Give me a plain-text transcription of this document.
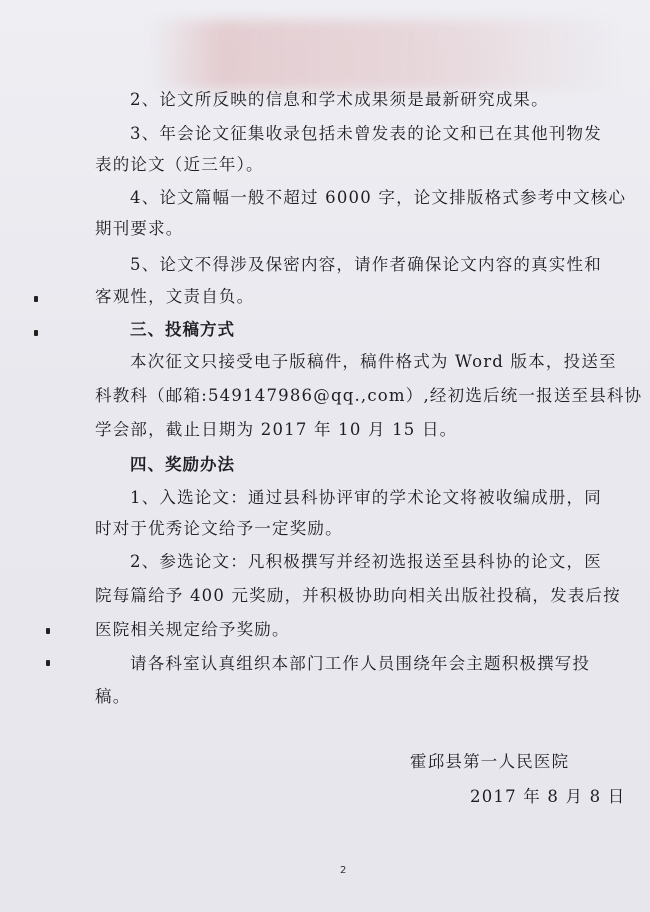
2、论文所反映的信息和学术成果须是最新研究成果。
3、年会论文征集收录包括未曾发表的论文和已在其他刊物发
表的论文（近三年）。
4、论文篇幅一般不超过 6000 字，论文排版格式参考中文核心
期刊要求。
5、论文不得涉及保密内容，请作者确保论文内容的真实性和
客观性，文责自负。
三、投稿方式
本次征文只接受电子版稿件，稿件格式为 Word 版本，投送至
科教科（邮箱:549147986@qq.,com）,经初选后统一报送至县科协
学会部，截止日期为 2017 年 10 月 15 日。
四、奖励办法
1、入选论文：通过县科协评审的学术论文将被收编成册，同
时对于优秀论文给予一定奖励。
2、参选论文：凡积极撰写并经初选报送至县科协的论文，医
院每篇给予 400 元奖励，并积极协助向相关出版社投稿，发表后按
医院相关规定给予奖励。
请各科室认真组织本部门工作人员围绕年会主题积极撰写投
稿。
霍邱县第一人民医院
2017 年 8 月 8 日
2
